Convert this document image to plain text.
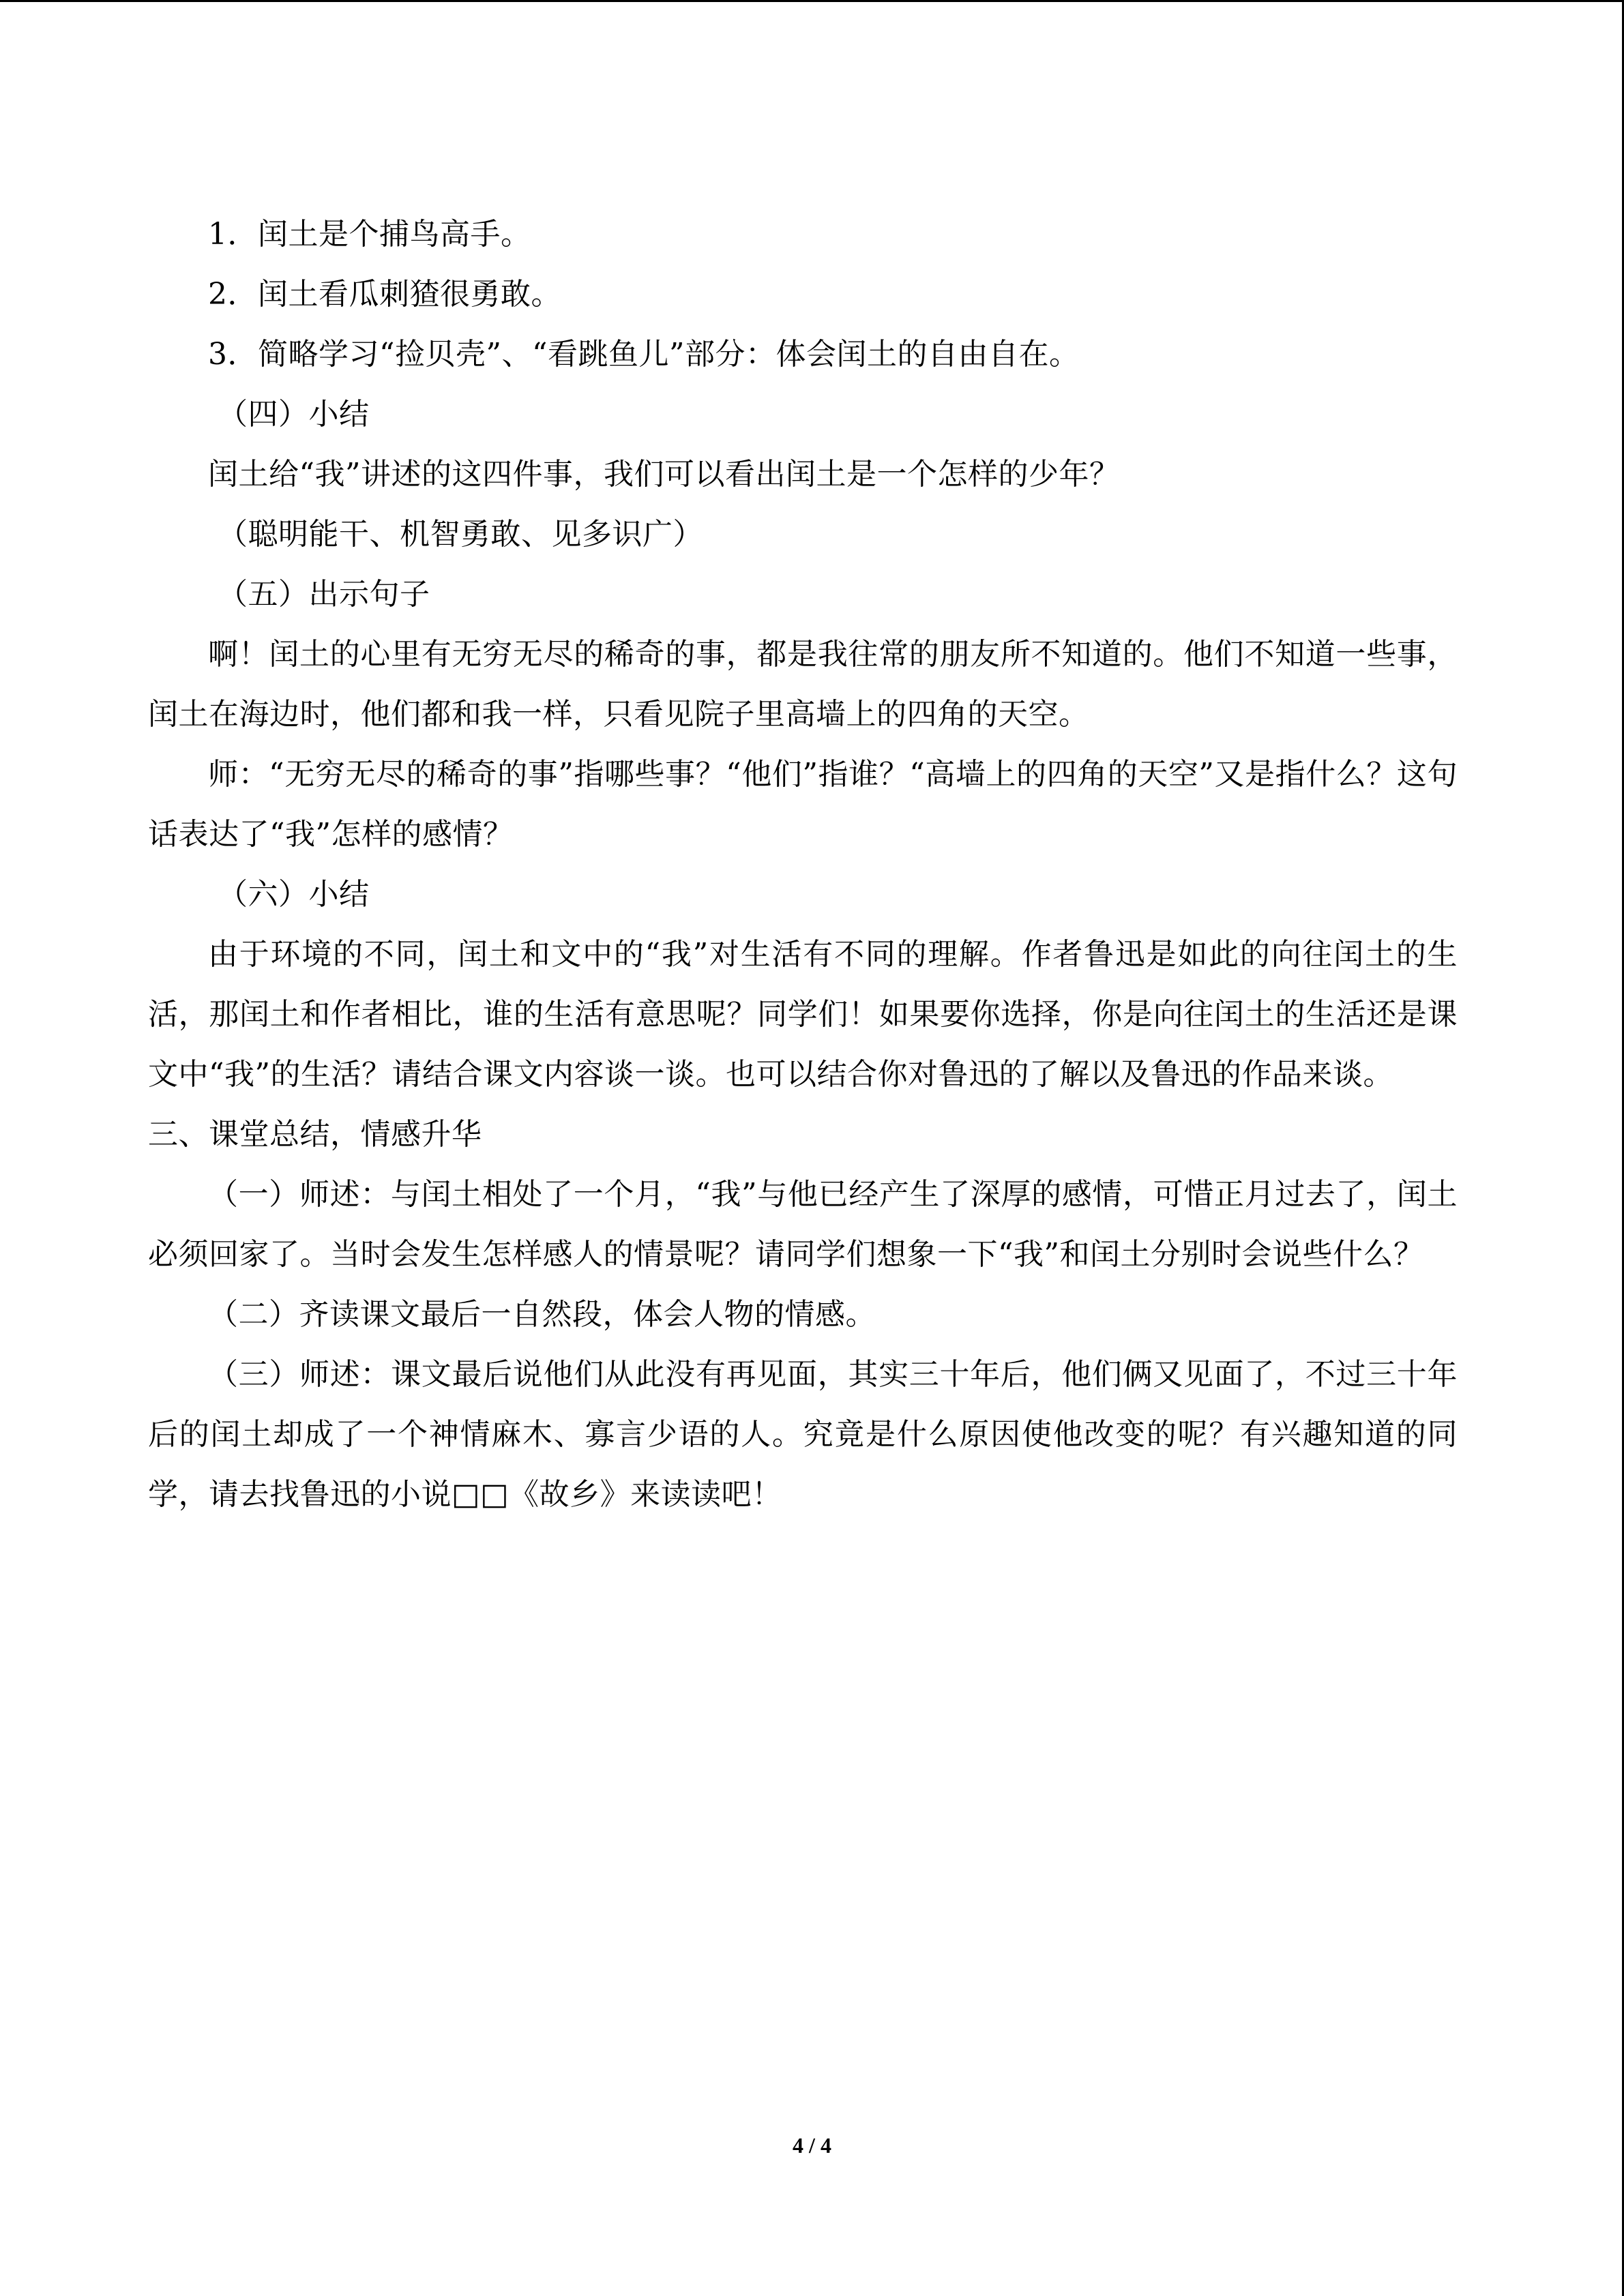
1．闰土是个捕鸟高手。
2．闰土看瓜刺猹很勇敢。
3．简略学习“捡贝壳”、“看跳鱼儿”部分：体会闰土的自由自在。
（四）小结
闰土给“我”讲述的这四件事，我们可以看出闰土是一个怎样的少年？
（聪明能干、机智勇敢、见多识广）
（五）出示句子
啊！闰土的心里有无穷无尽的稀奇的事，都是我往常的朋友所不知道的。他们不知道一些事，闰土在海边时，他们都和我一样，只看见院子里高墙上的四角的天空。
师：“无穷无尽的稀奇的事”指哪些事？“他们”指谁？“高墙上的四角的天空”又是指什么？这句话表达了“我”怎样的感情？
（六）小结
由于环境的不同，闰土和文中的“我”对生活有不同的理解。作者鲁迅是如此的向往闰土的生活，那闰土和作者相比，谁的生活有意思呢？同学们！如果要你选择，你是向往闰土的生活还是课文中“我”的生活？请结合课文内容谈一谈。也可以结合你对鲁迅的了解以及鲁迅的作品来谈。
三、课堂总结，情感升华
（一）师述：与闰土相处了一个月，“我”与他已经产生了深厚的感情，可惜正月过去了，闰土必须回家了。当时会发生怎样感人的情景呢？请同学们想象一下“我”和闰土分别时会说些什么？
（二）齐读课文最后一自然段，体会人物的情感。
（三）师述：课文最后说他们从此没有再见面，其实三十年后，他们俩又见面了，不过三十年后的闰土却成了一个神情麻木、寡言少语的人。究竟是什么原因使他改变的呢？有兴趣知道的同学，请去找鲁迅的小说□□《故乡》来读读吧！
4 / 4
